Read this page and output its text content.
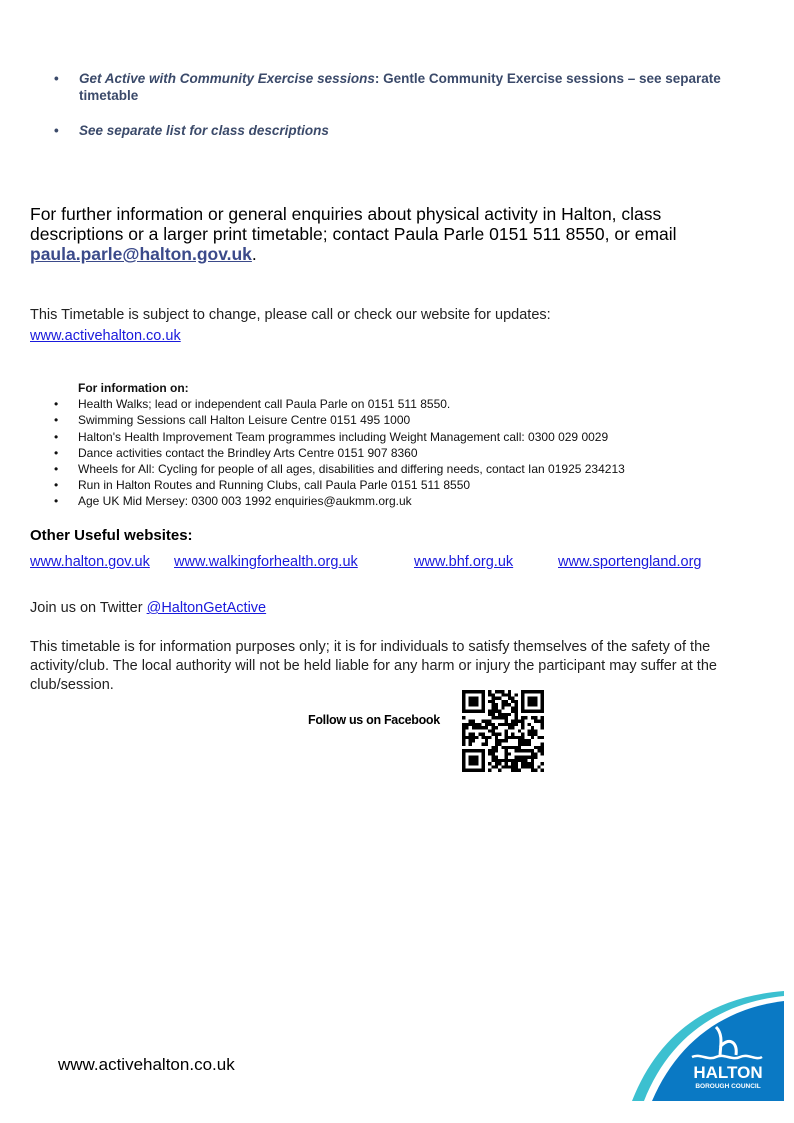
• Get Active with Community Exercise sessions: Gentle Community Exercise sessions – see separate timetable
• See separate list for class descriptions
For further information or general enquiries about physical activity in Halton, class descriptions or a larger print timetable; contact Paula Parle 0151 511 8550, or email paula.parle@halton.gov.uk.
This Timetable is subject to change, please call or check our website for updates:
www.activehalton.co.uk
For information on:
• Health Walks; lead or independent call Paula Parle on 0151 511 8550.
• Swimming Sessions call Halton Leisure Centre 0151 495 1000
• Halton's Health Improvement Team programmes including Weight Management call: 0300 029 0029
• Dance activities contact the Brindley Arts Centre 0151 907 8360
• Wheels for All: Cycling for people of all ages, disabilities and differing needs, contact Ian 01925 234213
• Run in Halton Routes and Running Clubs, call Paula Parle 0151 511 8550
• Age UK Mid Mersey: 0300 003 1992 enquiries@aukmm.org.uk
Other Useful websites:
www.halton.gov.uk www.walkingforhealth.org.uk	www.bhf.org.uk	www.sportengland.org
Join us on Twitter @HaltonGetActive
This timetable is for information purposes only; it is for individuals to satisfy themselves of the safety of the activity/club. The local authority will not be held liable for any harm or injury the participant may suffer at the club/session.
Follow us on Facebook
www.activehalton.co.uk	HALTON
BOROUGH COUNCIL
